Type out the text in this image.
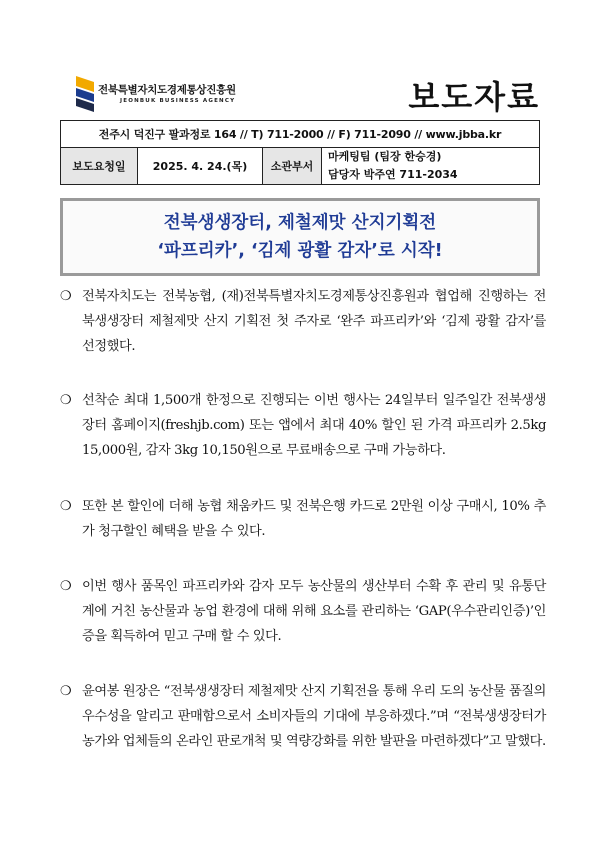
전북특별자치도경제통상진흥원
JEONBUK BUSINESS AGENCY	보도자료
전주시 덕진구 팔과정로 164 // T) 711-2000 // F) 711-2090 // www.jbba.kr
보도요청일	2025. 4. 24.(목)	소관부서	
마케팅팀 (팀장 한승경)
담당자 박주연 711-2034
전북생생장터, 제철제맛 산지기획전
‘파프리카’, ‘김제 광활 감자’로 시작!
❍ 전북자치도는 전북농협, (재)전북특별자치도경제통상진흥원과 협업해 진행하는 전북생생장터 제철제맛 산지 기획전 첫 주자로 ‘완주 파프리카’와 ‘김제 광활 감자’를 선정했다.
❍ 선착순 최대 1,500개 한정으로 진행되는 이번 행사는 24일부터 일주일간 전북생생장터 홈페이지(freshjb.com) 또는 앱에서 최대 40% 할인 된 가격 파프리카 2.5kg 15,000원, 감자 3kg 10,150원으로 무료배송으로 구매 가능하다.
❍ 또한 본 할인에 더해 농협 채움카드 및 전북은행 카드로 2만원 이상 구매시, 10% 추가 청구할인 혜택을 받을 수 있다.
❍ 이번 행사 품목인 파프리카와 감자 모두 농산물의 생산부터 수확 후 관리 및 유통단계에 거친 농산물과 농업 환경에 대해 위해 요소를 관리하는 ‘GAP(우수관리인증)’인증을 획득하여 믿고 구매 할 수 있다.
❍ 윤여봉 원장은 “전북생생장터 제철제맛 산지 기획전을 통해 우리 도의 농산물 품질의 우수성을 알리고 판매함으로서 소비자들의 기대에 부응하겠다.”며 “전북생생장터가 농가와 업체들의 온라인 판로개척 및 역량강화를 위한 발판을 마련하겠다”고 말했다.
